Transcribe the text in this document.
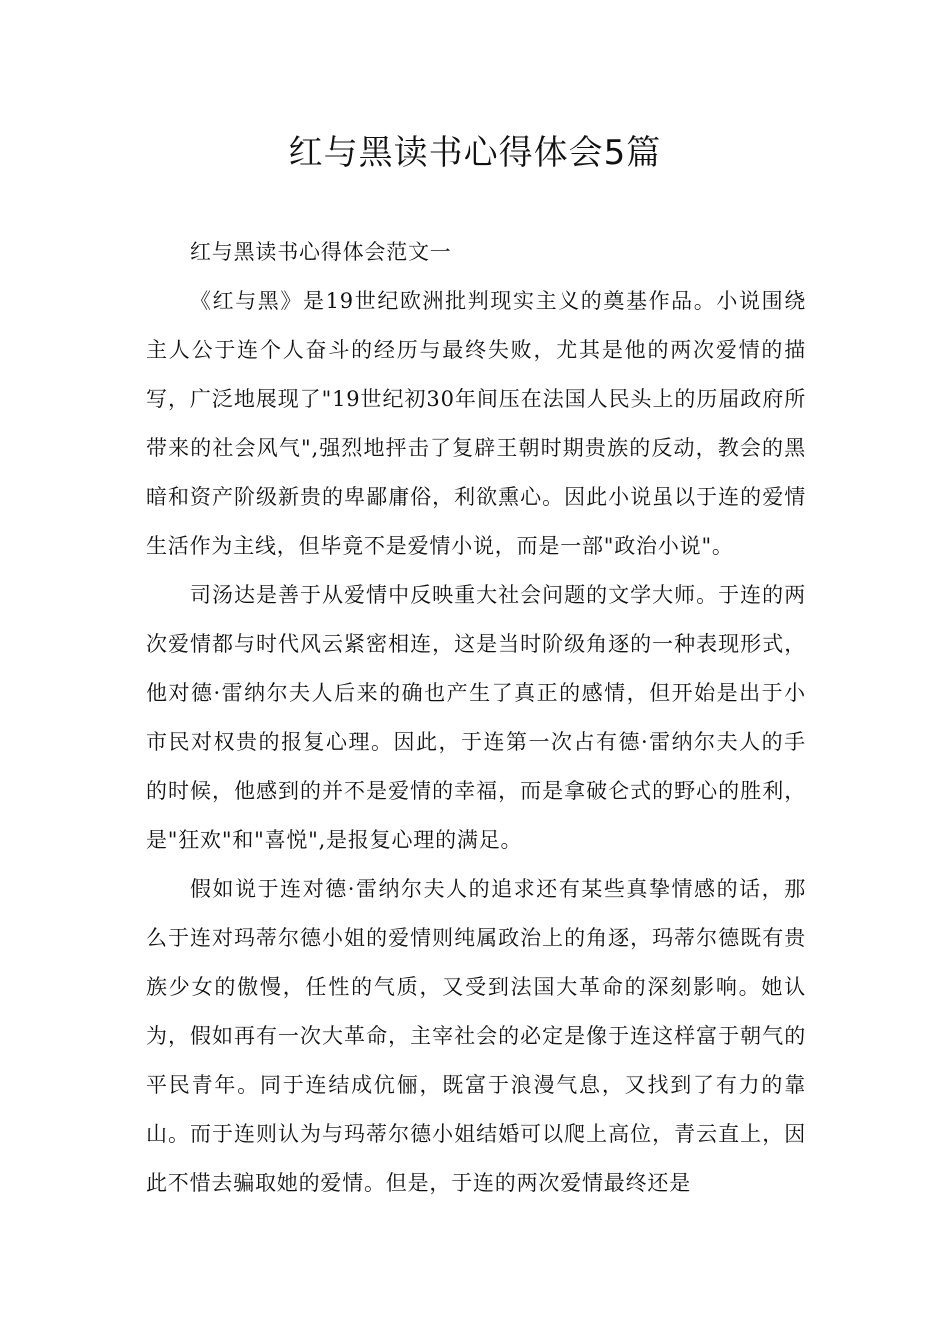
红与黑读书心得体会5篇

红与黑读书心得体会范文一

《红与黑》是19世纪欧洲批判现实主义的奠基作品。小说围绕主人公于连个人奋斗的经历与最终失败，尤其是他的两次爱情的描写，广泛地展现了"19世纪初30年间压在法国人民头上的历届政府所带来的社会风气",强烈地抨击了复辟王朝时期贵族的反动，教会的黑暗和资产阶级新贵的卑鄙庸俗，利欲熏心。因此小说虽以于连的爱情生活作为主线，但毕竟不是爱情小说，而是一部"政治小说"。

司汤达是善于从爱情中反映重大社会问题的文学大师。于连的两次爱情都与时代风云紧密相连，这是当时阶级角逐的一种表现形式，他对德·雷纳尔夫人后来的确也产生了真正的感情，但开始是出于小市民对权贵的报复心理。因此，于连第一次占有德·雷纳尔夫人的手的时候，他感到的并不是爱情的幸福，而是拿破仑式的野心的胜利，是"狂欢"和"喜悦",是报复心理的满足。

假如说于连对德·雷纳尔夫人的追求还有某些真挚情感的话，那么于连对玛蒂尔德小姐的爱情则纯属政治上的角逐，玛蒂尔德既有贵族少女的傲慢，任性的气质，又受到法国大革命的深刻影响。她认为，假如再有一次大革命，主宰社会的必定是像于连这样富于朝气的平民青年。同于连结成伉俪，既富于浪漫气息，又找到了有力的靠山。而于连则认为与玛蒂尔德小姐结婚可以爬上高位，青云直上，因此不惜去骗取她的爱情。但是，于连的两次爱情最终还是
